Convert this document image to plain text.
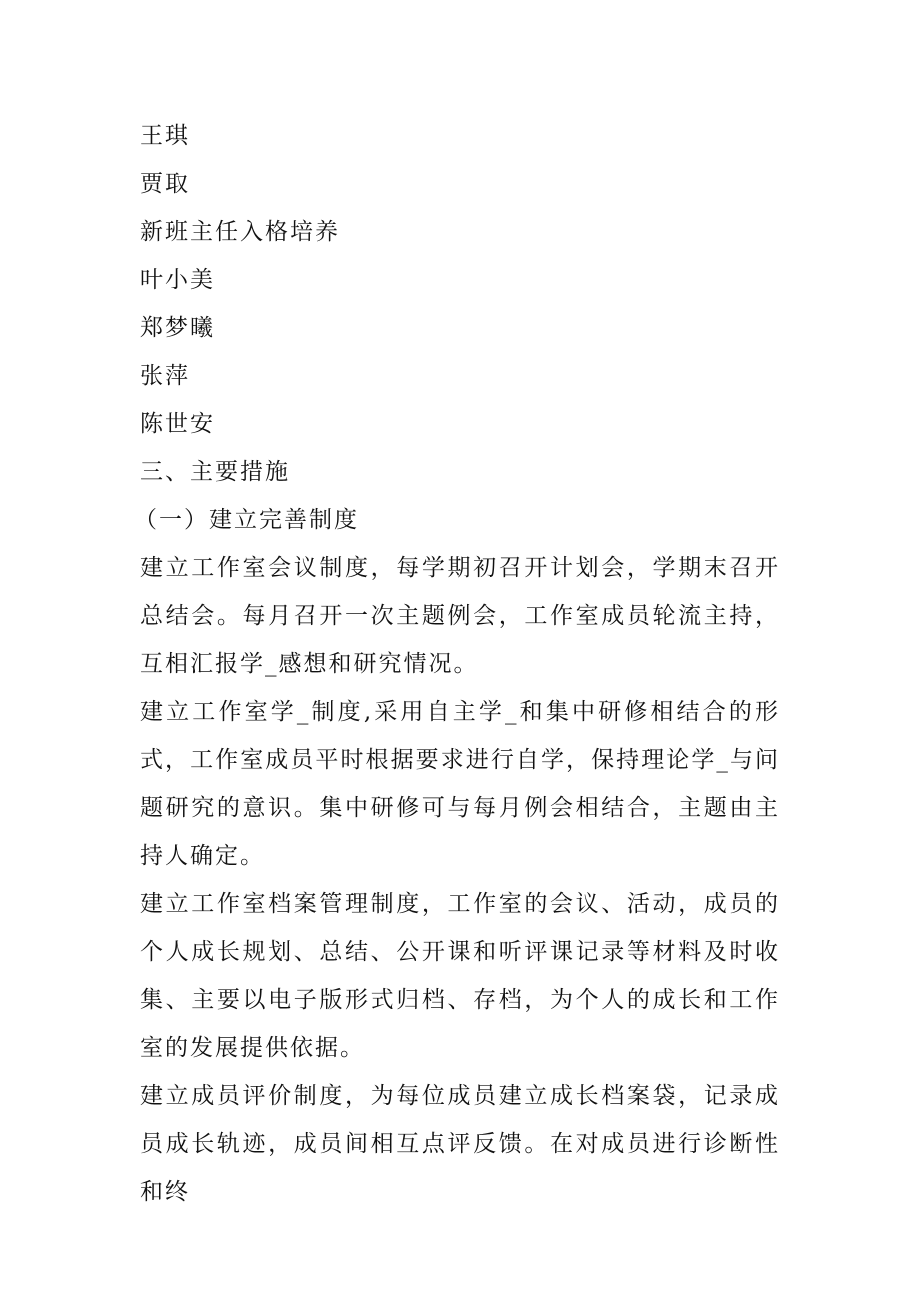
王琪

贾取

新班主任入格培养

叶小美

郑梦曦

张萍

陈世安

三、主要措施

（一）建立完善制度

建立工作室会议制度，每学期初召开计划会，学期末召开总结会。每月召开一次主题例会，工作室成员轮流主持，互相汇报学_感想和研究情况。

建立工作室学_制度,采用自主学_和集中研修相结合的形式，工作室成员平时根据要求进行自学，保持理论学_与问题研究的意识。集中研修可与每月例会相结合，主题由主持人确定。

建立工作室档案管理制度，工作室的会议、活动，成员的个人成长规划、总结、公开课和听评课记录等材料及时收集、主要以电子版形式归档、存档，为个人的成长和工作室的发展提供依据。

建立成员评价制度，为每位成员建立成长档案袋，记录成员成长轨迹，成员间相互点评反馈。在对成员进行诊断性和终
